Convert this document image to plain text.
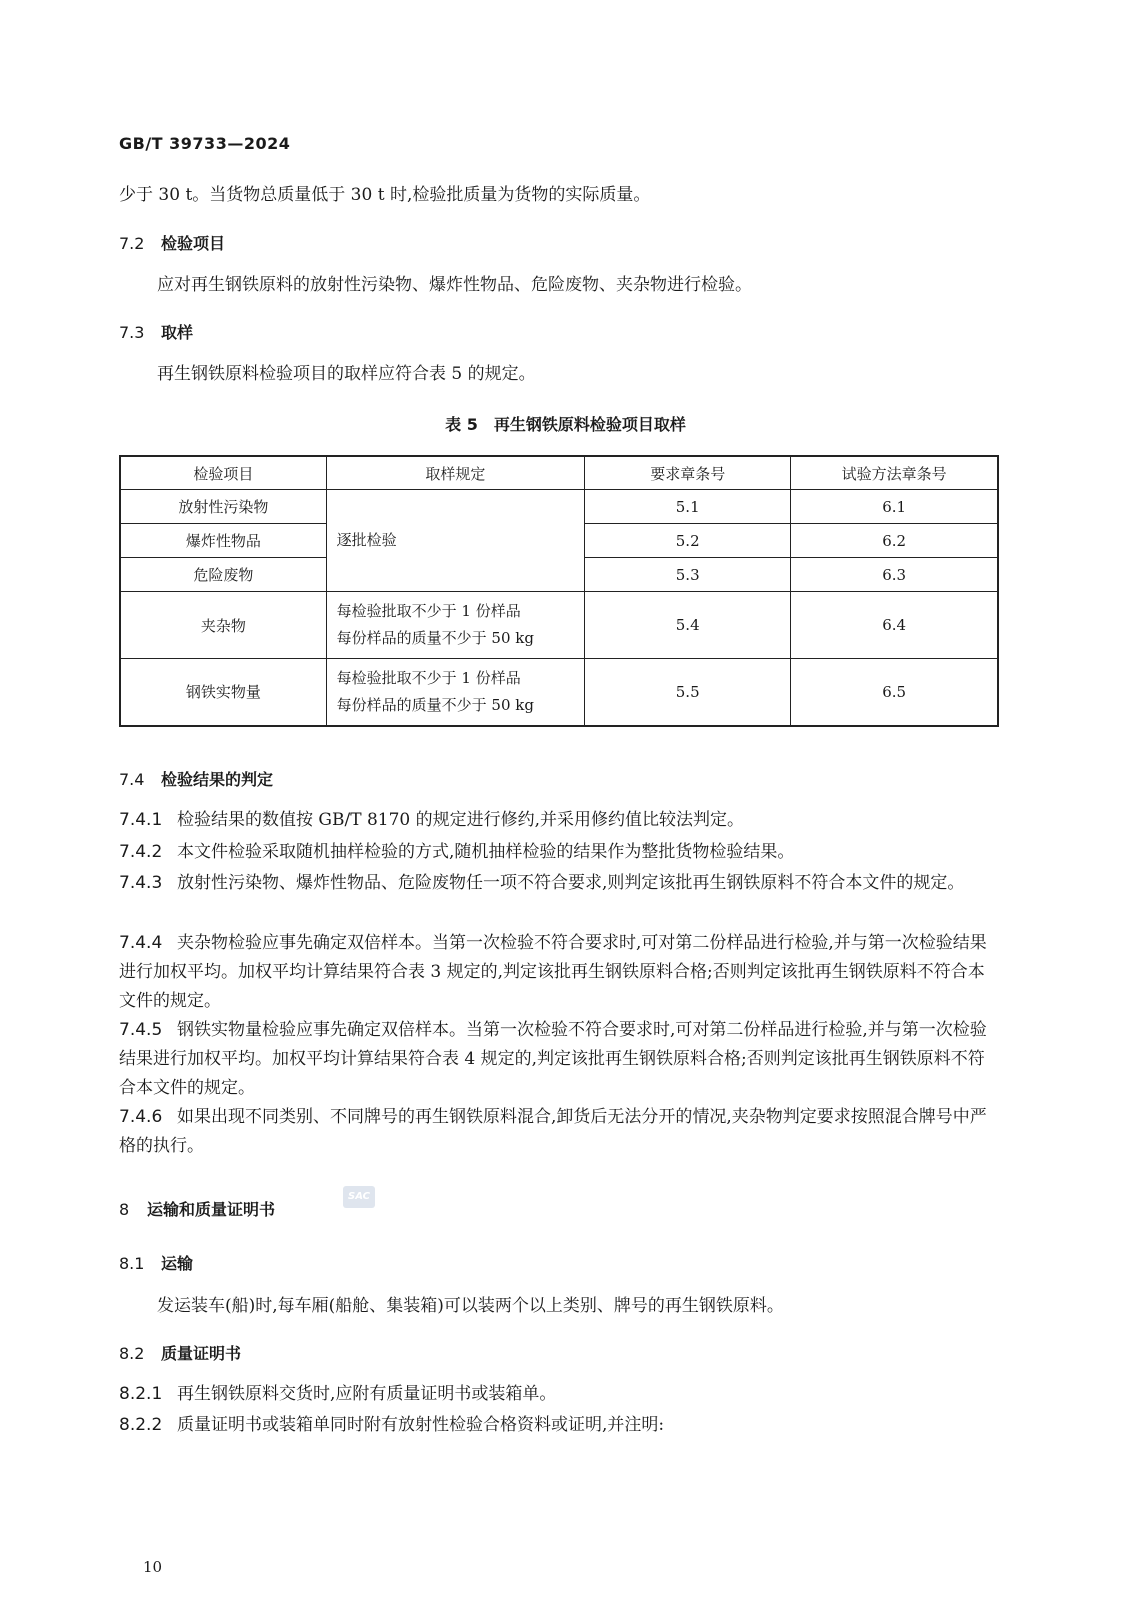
GB/T 39733—2024
少于 30 t。当货物总质量低于 30 t 时,检验批质量为货物的实际质量。
7.2 检验项目
应对再生钢铁原料的放射性污染物、爆炸性物品、危险废物、夹杂物进行检验。
7.3 取样
再生钢铁原料检验项目的取样应符合表 5 的规定。
表 5　再生钢铁原料检验项目取样
检验项目	取样规定	要求章条号	试验方法章条号
放射性污染物	逐批检验	5.1	6.1
爆炸性物品		5.2	6.2
危险废物		5.3	6.3
夹杂物	每检验批取不少于 1 份样品
每份样品的质量不少于 50 kg	5.4	6.4
钢铁实物量	每检验批取不少于 1 份样品
每份样品的质量不少于 50 kg	5.5	6.5
7.4 检验结果的判定
7.4.1 检验结果的数值按 GB/T 8170 的规定进行修约,并采用修约值比较法判定。
7.4.2 本文件检验采取随机抽样检验的方式,随机抽样检验的结果作为整批货物检验结果。
7.4.3 放射性污染物、爆炸性物品、危险废物任一项不符合要求,则判定该批再生钢铁原料不符合本文件的规定。
7.4.4 夹杂物检验应事先确定双倍样本。当第一次检验不符合要求时,可对第二份样品进行检验,并与第一次检验结果进行加权平均。加权平均计算结果符合表 3 规定的,判定该批再生钢铁原料合格;否则判定该批再生钢铁原料不符合本文件的规定。
7.4.5 钢铁实物量检验应事先确定双倍样本。当第一次检验不符合要求时,可对第二份样品进行检验,并与第一次检验结果进行加权平均。加权平均计算结果符合表 4 规定的,判定该批再生钢铁原料合格;否则判定该批再生钢铁原料不符合本文件的规定。
7.4.6 如果出现不同类别、不同牌号的再生钢铁原料混合,卸货后无法分开的情况,夹杂物判定要求按照混合牌号中严格的执行。
8 运输和质量证明书
SAC
8.1 运输
发运装车(船)时,每车厢(船舱、集装箱)可以装两个以上类别、牌号的再生钢铁原料。
8.2 质量证明书
8.2.1 再生钢铁原料交货时,应附有质量证明书或装箱单。
8.2.2 质量证明书或装箱单同时附有放射性检验合格资料或证明,并注明:
10
